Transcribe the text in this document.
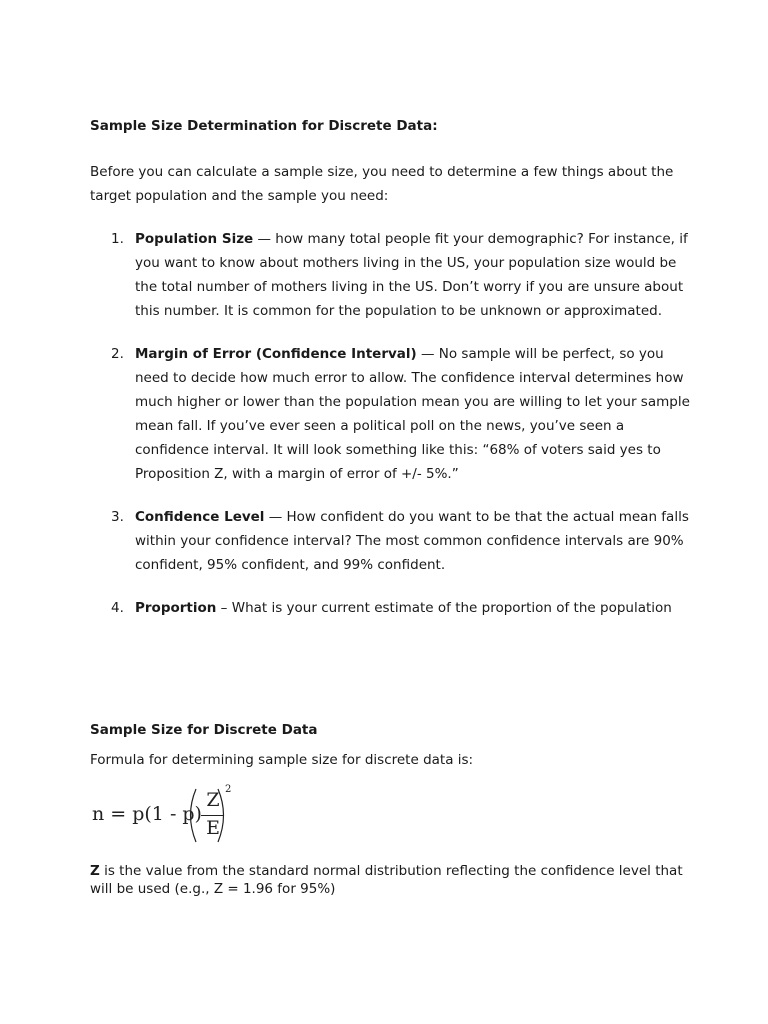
Sample Size Determination for Discrete Data:

Before you can calculate a sample size, you need to determine a few things about the target population and the sample you need:

1. Population Size — how many total people fit your demographic? For instance, if you want to know about mothers living in the US, your population size would be the total number of mothers living in the US. Don’t worry if you are unsure about this number. It is common for the population to be unknown or approximated.
2. Margin of Error (Confidence Interval) — No sample will be perfect, so you need to decide how much error to allow. The confidence interval determines how much higher or lower than the population mean you are willing to let your sample mean fall. If you’ve ever seen a political poll on the news, you’ve seen a confidence interval. It will look something like this: “68% of voters said yes to Proposition Z, with a margin of error of +/- 5%.”
3. Confidence Level — How confident do you want to be that the actual mean falls within your confidence interval? The most common confidence intervals are 90% confident, 95% confident, and 99% confident.
4. Proportion – What is your current estimate of the proportion of the population
Sample Size for Discrete Data

Formula for determining sample size for discrete data is:

n = p(1 - p)
Z
E
2

Z is the value from the standard normal distribution reflecting the confidence level that will be used (e.g., Z = 1.96 for 95%)
